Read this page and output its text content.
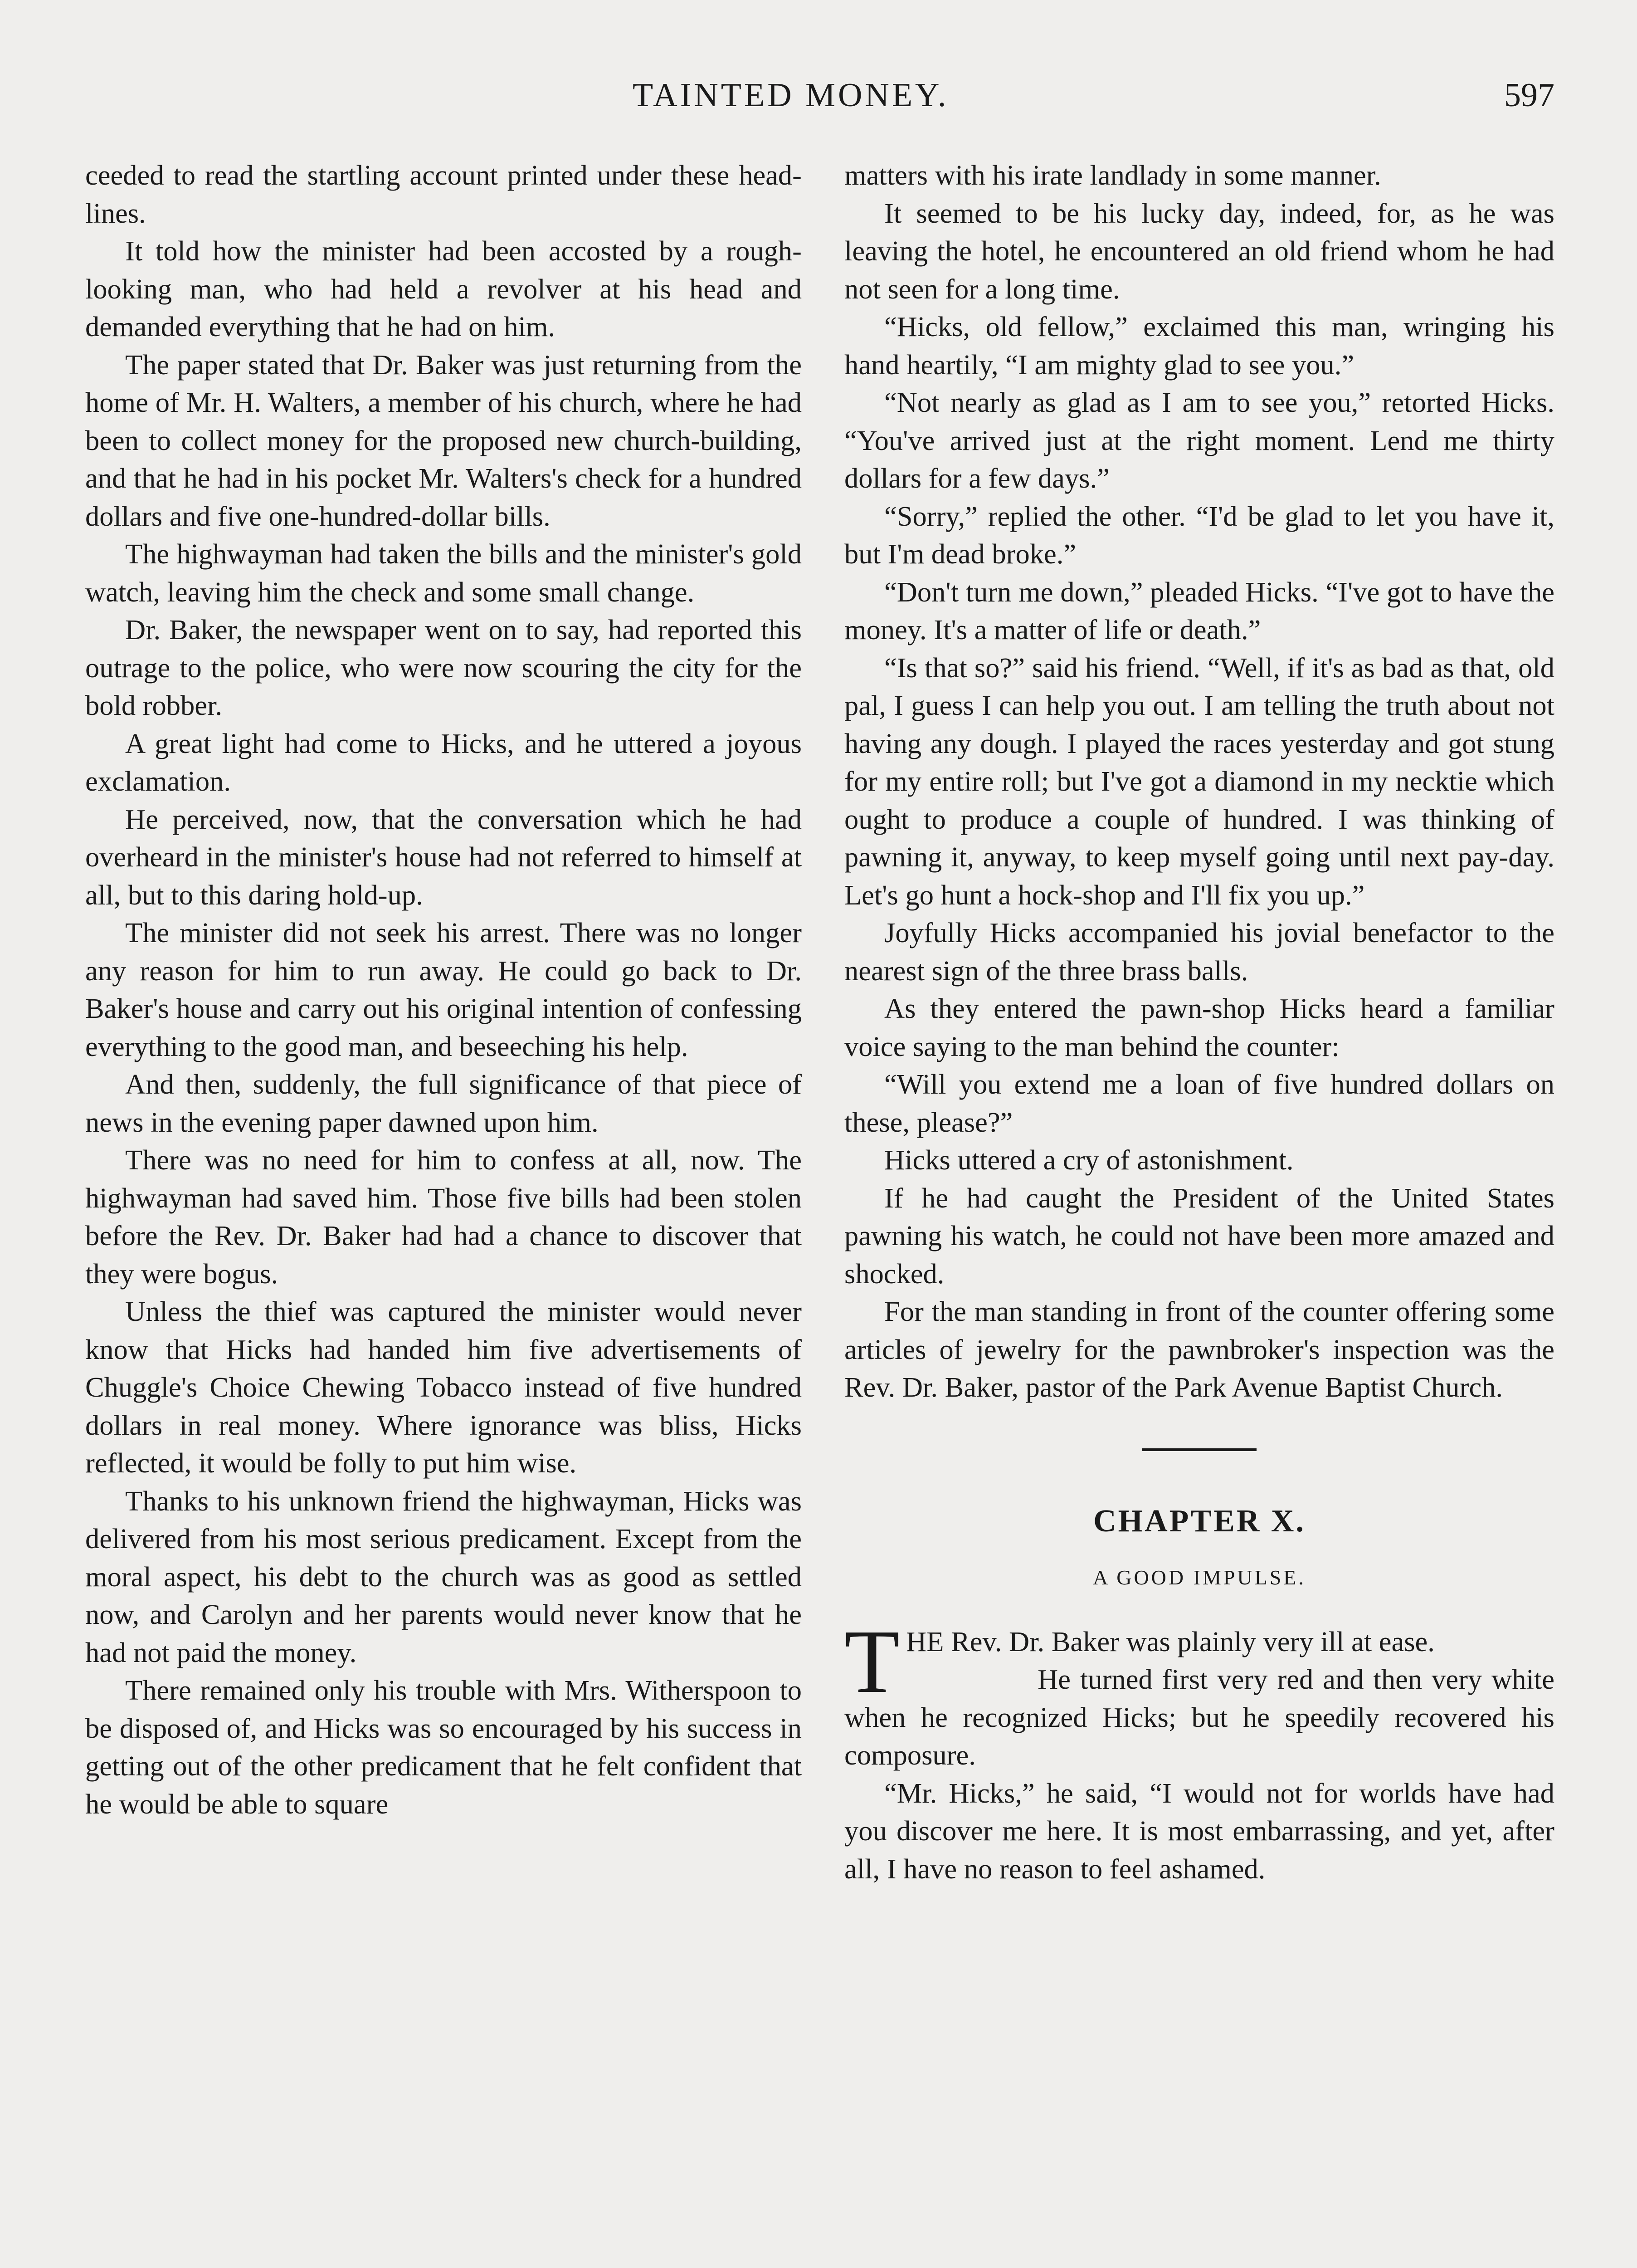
TAINTED MONEY.	597

ceeded to read the startling account printed under these head-lines.

It told how the minister had been accosted by a rough-looking man, who had held a revolver at his head and demanded everything that he had on him.

The paper stated that Dr. Baker was just returning from the home of Mr. H. Walters, a member of his church, where he had been to collect money for the proposed new church-building, and that he had in his pocket Mr. Walters's check for a hundred dollars and five one-hundred-dollar bills.

The highwayman had taken the bills and the minister's gold watch, leaving him the check and some small change.

Dr. Baker, the newspaper went on to say, had reported this outrage to the police, who were now scouring the city for the bold robber.

A great light had come to Hicks, and he uttered a joyous exclamation.

He perceived, now, that the conversation which he had overheard in the minister's house had not referred to himself at all, but to this daring hold-up.

The minister did not seek his arrest. There was no longer any reason for him to run away. He could go back to Dr. Baker's house and carry out his original intention of confessing everything to the good man, and beseeching his help.

And then, suddenly, the full significance of that piece of news in the evening paper dawned upon him.

There was no need for him to confess at all, now. The highwayman had saved him. Those five bills had been stolen before the Rev. Dr. Baker had had a chance to discover that they were bogus.

Unless the thief was captured the minister would never know that Hicks had handed him five advertisements of Chuggle's Choice Chewing Tobacco instead of five hundred dollars in real money. Where ignorance was bliss, Hicks reflected, it would be folly to put him wise.

Thanks to his unknown friend the highwayman, Hicks was delivered from his most serious predicament. Except from the moral aspect, his debt to the church was as good as settled now, and Carolyn and her parents would never know that he had not paid the money.

There remained only his trouble with Mrs. Witherspoon to be disposed of, and Hicks was so encouraged by his success in getting out of the other predicament that he felt confident that he would be able to square

matters with his irate landlady in some manner.

It seemed to be his lucky day, indeed, for, as he was leaving the hotel, he encountered an old friend whom he had not seen for a long time.

“Hicks, old fellow,” exclaimed this man, wringing his hand heartily, “I am mighty glad to see you.”

“Not nearly as glad as I am to see you,” retorted Hicks. “You've arrived just at the right moment. Lend me thirty dollars for a few days.”

“Sorry,” replied the other. “I'd be glad to let you have it, but I'm dead broke.”

“Don't turn me down,” pleaded Hicks. “I've got to have the money. It's a matter of life or death.”

“Is that so?” said his friend. “Well, if it's as bad as that, old pal, I guess I can help you out. I am telling the truth about not having any dough. I played the races yesterday and got stung for my entire roll; but I've got a diamond in my necktie which ought to produce a couple of hundred. I was thinking of pawning it, anyway, to keep myself going until next pay-day. Let's go hunt a hock-shop and I'll fix you up.”

Joyfully Hicks accompanied his jovial benefactor to the nearest sign of the three brass balls.

As they entered the pawn-shop Hicks heard a familiar voice saying to the man behind the counter:

“Will you extend me a loan of five hundred dollars on these, please?”

Hicks uttered a cry of astonishment.

If he had caught the President of the United States pawning his watch, he could not have been more amazed and shocked.

For the man standing in front of the counter offering some articles of jewelry for the pawnbroker's inspection was the Rev. Dr. Baker, pastor of the Park Avenue Baptist Church.

CHAPTER X.
A GOOD IMPULSE.

THE Rev. Dr. Baker was plainly very ill at ease.

He turned first very red and then very white when he recognized Hicks; but he speedily recovered his composure.

“Mr. Hicks,” he said, “I would not for worlds have had you discover me here. It is most embarrassing, and yet, after all, I have no reason to feel ashamed.
